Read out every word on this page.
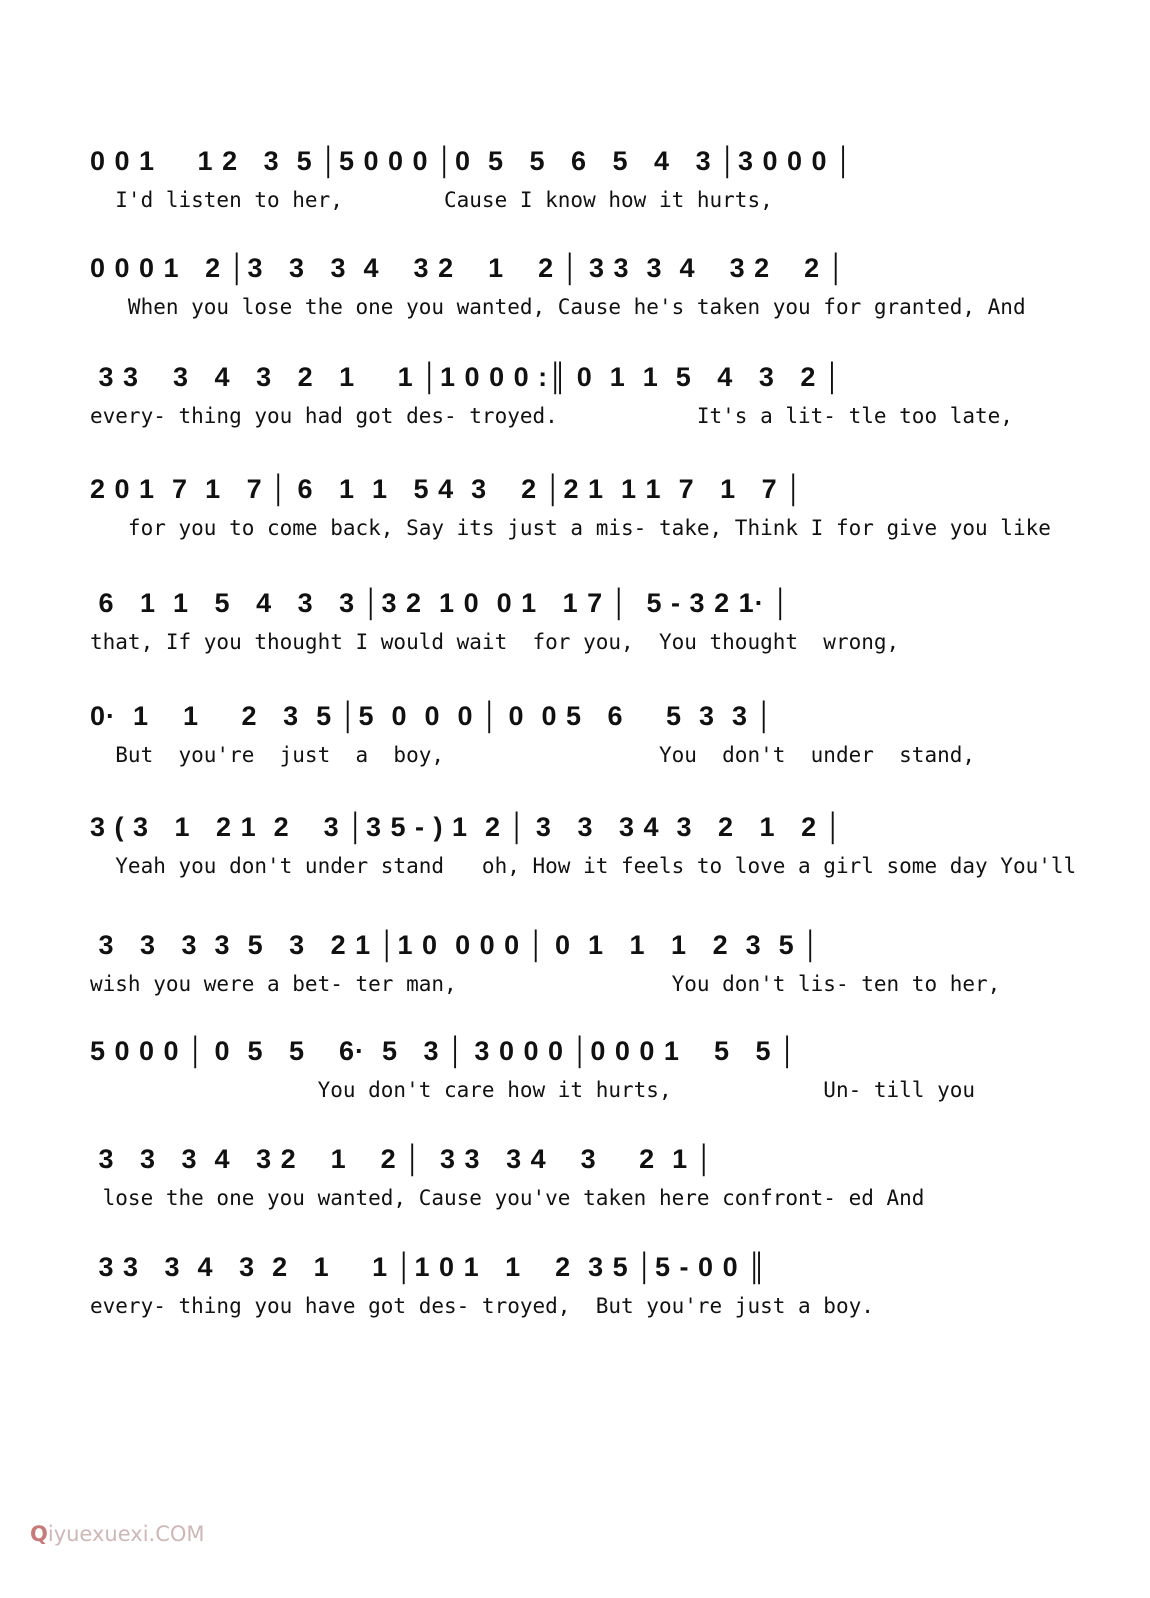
0 0 1     1 2   3  5 │5 0 0 0 │0  5   5   6   5   4   3 │3 0 0 0 │
I'd listen to her,        Cause I know how it hurts,
0 0 0 1   2 │3   3   3  4    3 2    1    2 │ 3 3  3  4    3 2    2 │
When you lose the one you wanted, Cause he's taken you for granted, And
3 3    3   4   3   2   1     1 │1 0 0 0 :║ 0  1  1  5   4   3   2 │
every- thing you had got des- troyed.           It's a lit- tle too late,
2 0 1  7  1   7 │ 6   1  1   5 4  3    2 │2 1  1 1  7   1   7 │
for you to come back, Say its just a mis- take, Think I for give you like
6   1  1   5   4   3   3 │3 2  1 0  0 1   1 7 │  5 - 3 2 1· │
that, If you thought I would wait  for you,  You thought  wrong,
0·  1    1     2   3  5 │5  0  0  0 │ 0  0 5   6     5  3  3 │
But  you're  just  a  boy,                 You  don't  under  stand,
3 ( 3   1   2 1  2    3 │3 5 - ) 1  2 │ 3   3   3 4  3   2   1   2 │
Yeah you don't under stand   oh, How it feels to love a girl some day You'll
3   3   3  3  5   3   2 1 │1 0  0 0 0 │ 0  1   1   1   2  3  5 │
wish you were a bet- ter man,                 You don't lis- ten to her,
5 0 0 0 │ 0  5   5    6·  5   3 │ 3 0 0 0 │0 0 0 1    5   5 │
You don't care how it hurts,            Un- till you
3   3   3  4   3 2    1    2 │  3 3   3 4    3     2  1 │
lose the one you wanted, Cause you've taken here confront- ed And
3 3   3  4   3  2   1     1 │1 0 1   1    2  3 5 │5 - 0 0 ║
every- thing you have got des- troyed,  But you're just a boy.
Qiyuexuexi.COM
